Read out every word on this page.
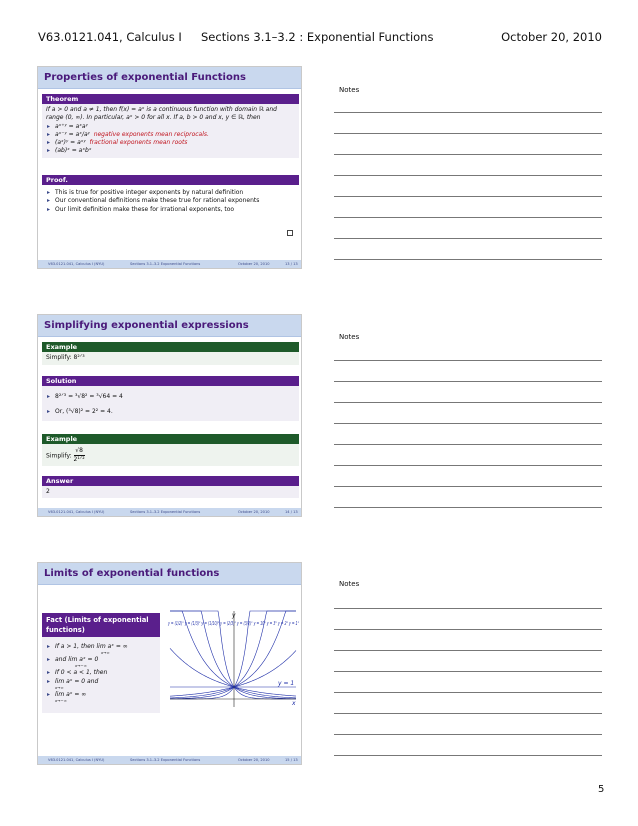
V63.0121.041, Calculus I Sections 3.1–3.2 : Exponential Functions	October 20, 2010
Properties of exponential Functions
Theorem
If a > 0 and a ≠ 1, then f(x) = aˣ is a continuous function with domain ℝ and
range (0, ∞). In particular, aˣ > 0 for all x. If a, b > 0 and x, y ∈ ℝ, then
▸ aˣ⁺ʸ = aˣaʸ
▸ aˣ⁻ʸ = aˣ/aʸ negative exponents mean reciprocals.
▸ (aˣ)ʸ = aˣʸ fractional exponents mean roots
▸ (ab)ˣ = aˣbˣ
Proof.
▸ This is true for positive integer exponents by natural definition
▸ Our conventional definitions make these true for rational exponents
▸ Our limit definition make these for irrational exponents, too
V63.0121.041, Calculus I (NYU)	Sections 3.1–3.2 Exponential Functions	October 20, 2010	13 / 13
Simplifying exponential expressions
Example
Simplify: 8²ᐟ³
Solution
▸ 8²ᐟ³ = ³√8² = ³√64 = 4
▸ Or, (³√8)² = 2² = 4.
Example
Simplify: $\frac{√8}{\text{2¹ᐟ²}}$
Answer
2
V63.0121.041, Calculus I (NYU)	Sections 3.1–3.2 Exponential Functions	October 20, 2010	14 / 13
Limits of exponential functions
Fact (Limits of exponential functions)
▸ If a > 1, then lim aˣ = ∞
x→∞
▸ and lim aˣ = 0
x→−∞
▸ If 0 < a < 1, then
▸ lim aˣ = 0 and
x→∞
▸ lim aˣ = ∞
x→−∞
y
x
y = 1
y = (1/2)ˣ y = (1/3)ˣ y = (1/10)ˣ y = (2/3)ˣ y = (3/2)ˣ y = 10ˣ y = 3ˣ y = 2ˣ y = 1ˣ
V63.0121.041, Calculus I (NYU)	Sections 3.1–3.2 Exponential Functions	October 20, 2010	15 / 13
Notes
Notes
Notes
5
